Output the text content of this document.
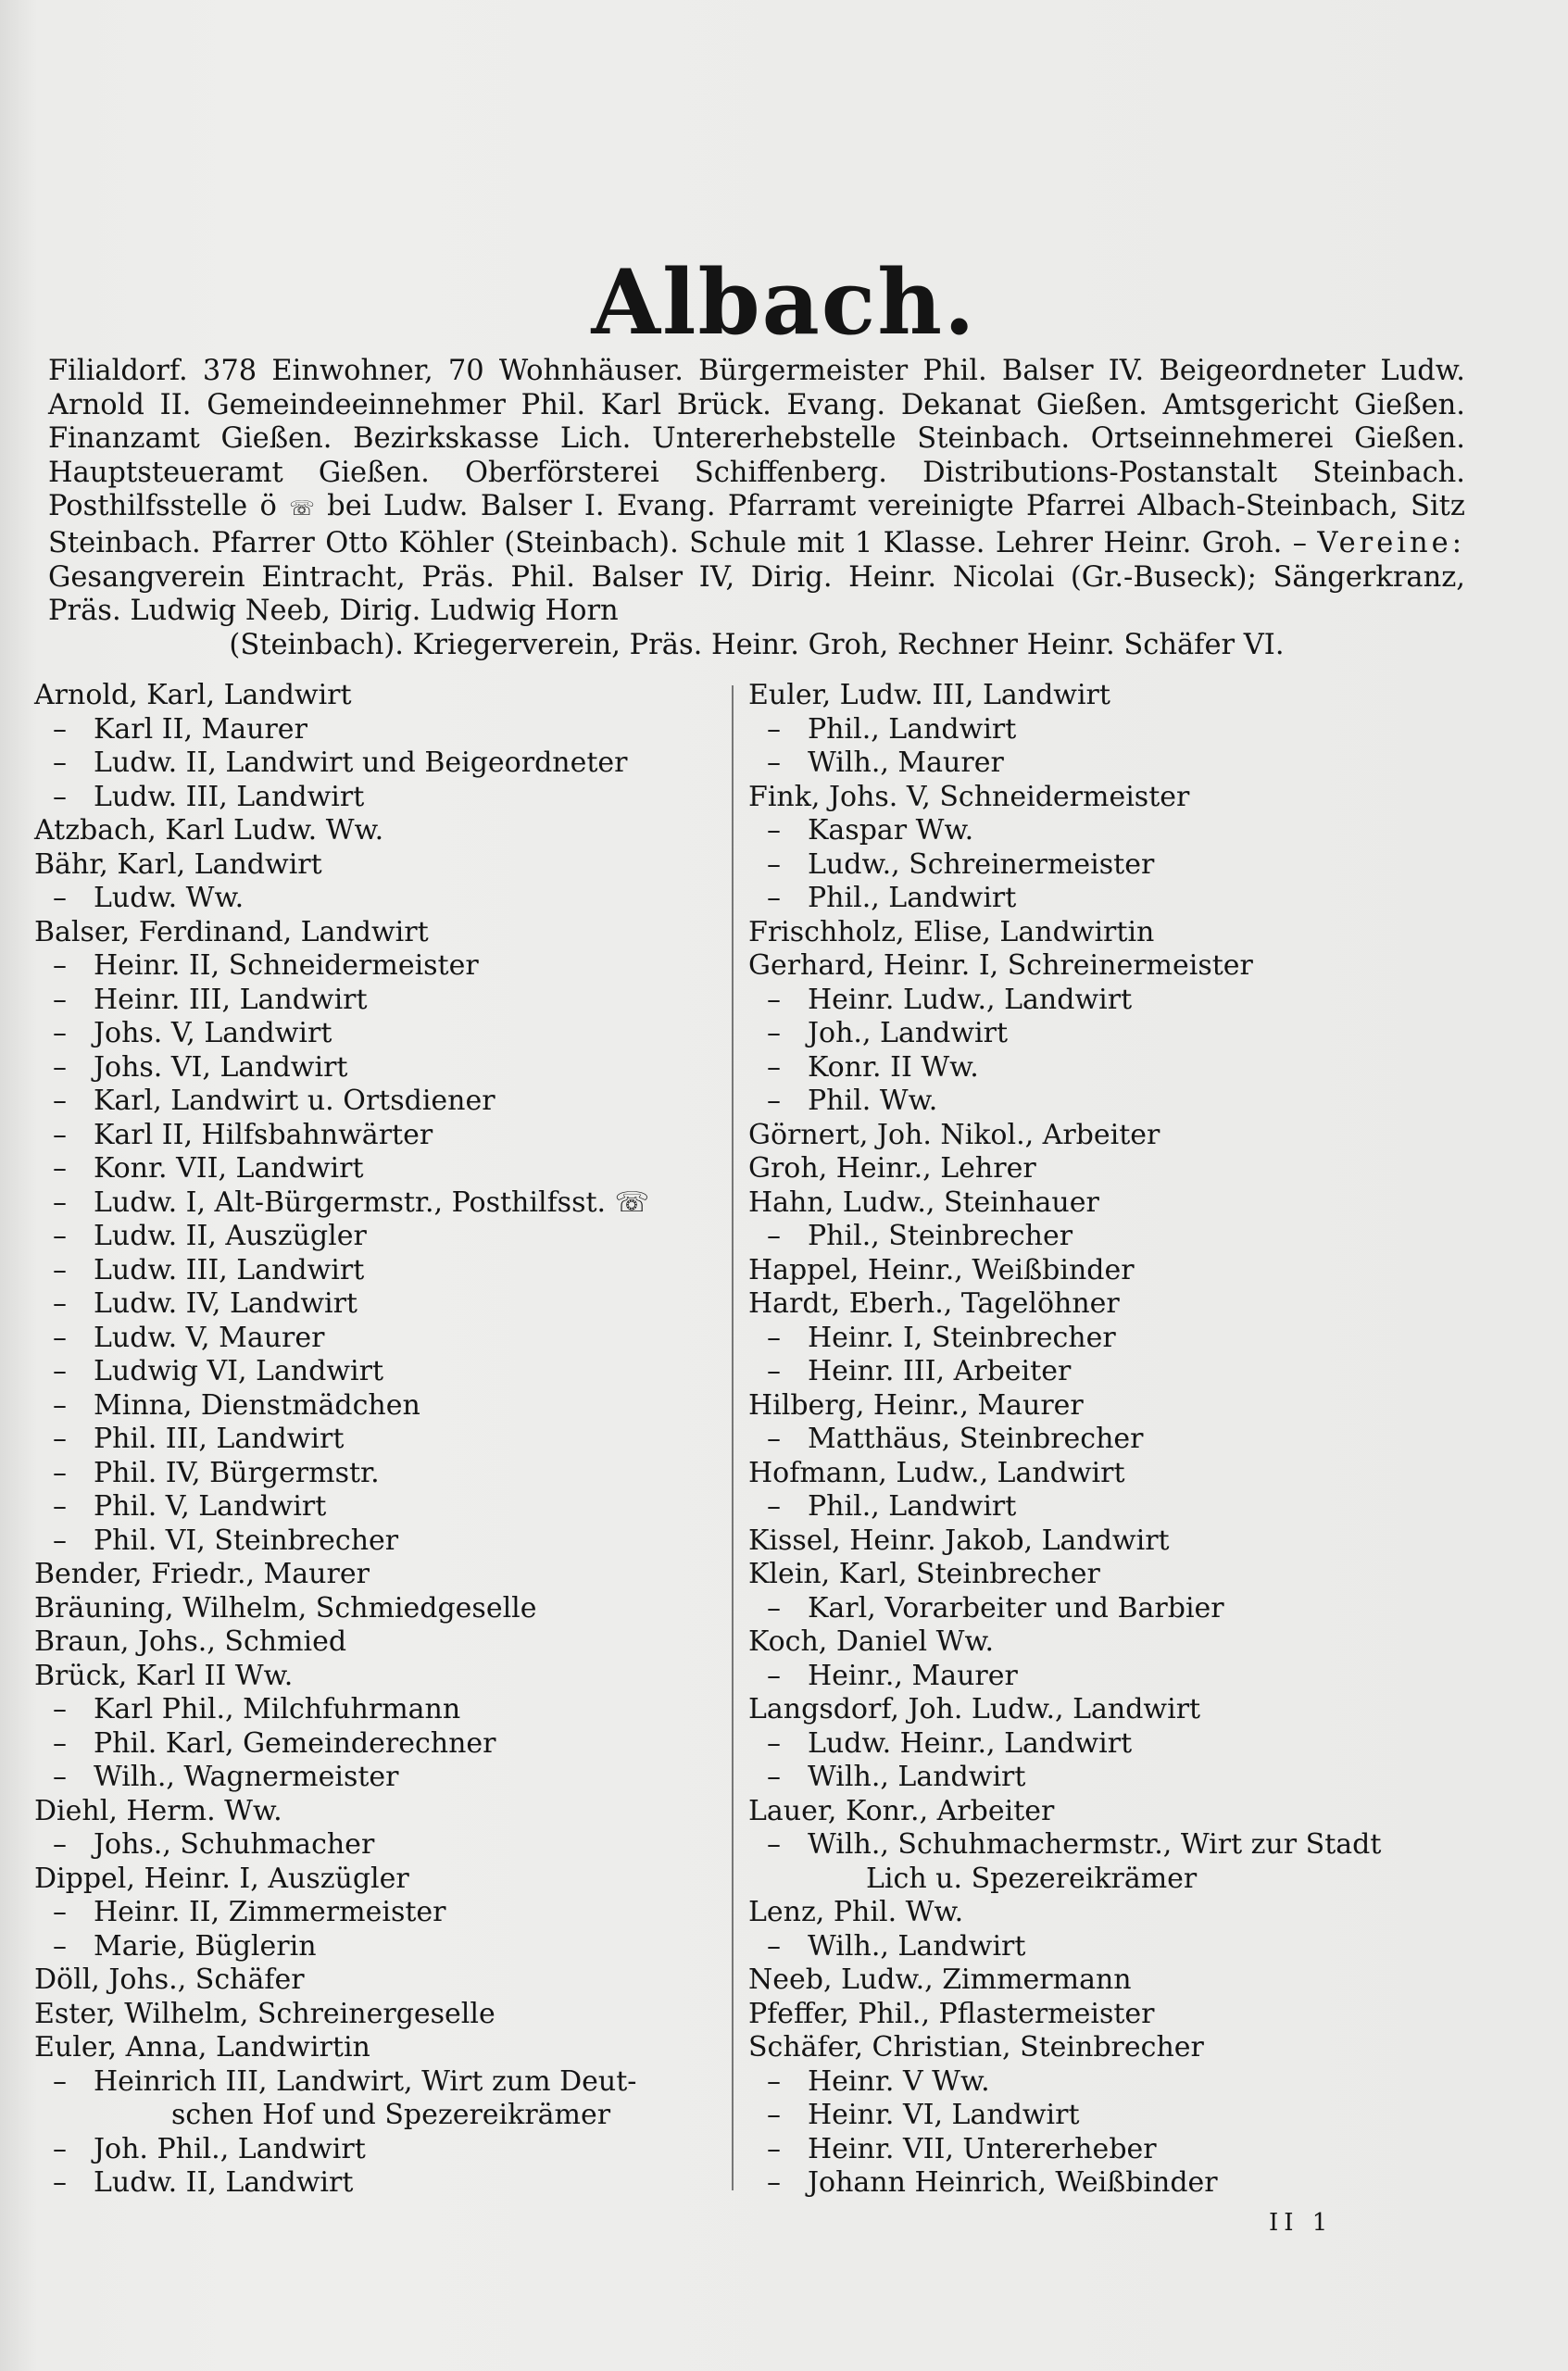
Albach.

Filialdorf. 378 Einwohner, 70 Wohnhäuser. Bürgermeister Phil. Balser IV. Beigeordneter Ludw. Arnold II. Gemeindeeinnehmer Phil. Karl Brück. Evang. Dekanat Gießen. Amtsgericht Gießen. Finanzamt Gießen. Bezirkskasse Lich. Untererhebstelle Steinbach. Ortseinnehmerei Gießen. Hauptsteueramt Gießen. Oberförsterei Schiffenberg. Distributions-Postanstalt Steinbach. Posthilfsstelle ö ☏ bei Ludw. Balser I. Evang. Pfarramt vereinigte Pfarrei Albach-Steinbach, Sitz Steinbach. Pfarrer Otto Köhler (Steinbach). Schule mit 1 Klasse. Lehrer Heinr. Groh. – Vereine: Gesangverein Eintracht, Präs. Phil. Balser IV, Dirig. Heinr. Nicolai (Gr.-Buseck); Sängerkranz, Präs. Ludwig Neeb, Dirig. Ludwig Horn

(Steinbach). Kriegerverein, Präs. Heinr. Groh, Rechner Heinr. Schäfer VI.

Arnold, Karl, Landwirt
– Karl II, Maurer
– Ludw. II, Landwirt und Beigeordneter
– Ludw. III, Landwirt
Atzbach, Karl Ludw. Ww.
Bähr, Karl, Landwirt
– Ludw. Ww.
Balser, Ferdinand, Landwirt
– Heinr. II, Schneidermeister
– Heinr. III, Landwirt
– Johs. V, Landwirt
– Johs. VI, Landwirt
– Karl, Landwirt u. Ortsdiener
– Karl II, Hilfsbahnwärter
– Konr. VII, Landwirt
– Ludw. I, Alt-Bürgermstr., Posthilfsst. ☏
– Ludw. II, Auszügler
– Ludw. III, Landwirt
– Ludw. IV, Landwirt
– Ludw. V, Maurer
– Ludwig VI, Landwirt
– Minna, Dienstmädchen
– Phil. III, Landwirt
– Phil. IV, Bürgermstr.
– Phil. V, Landwirt
– Phil. VI, Steinbrecher
Bender, Friedr., Maurer
Bräuning, Wilhelm, Schmiedgeselle
Braun, Johs., Schmied
Brück, Karl II Ww.
– Karl Phil., Milchfuhrmann
– Phil. Karl, Gemeinderechner
– Wilh., Wagnermeister
Diehl, Herm. Ww.
– Johs., Schuhmacher
Dippel, Heinr. I, Auszügler
– Heinr. II, Zimmermeister
– Marie, Büglerin
Döll, Johs., Schäfer
Ester, Wilhelm, Schreinergeselle
Euler, Anna, Landwirtin
– Heinrich III, Landwirt, Wirt zum Deut-
schen Hof und Spezereikrämer
– Joh. Phil., Landwirt
– Ludw. II, Landwirt
Euler, Ludw. III, Landwirt
– Phil., Landwirt
– Wilh., Maurer
Fink, Johs. V, Schneidermeister
– Kaspar Ww.
– Ludw., Schreinermeister
– Phil., Landwirt
Frischholz, Elise, Landwirtin
Gerhard, Heinr. I, Schreinermeister
– Heinr. Ludw., Landwirt
– Joh., Landwirt
– Konr. II Ww.
– Phil. Ww.
Görnert, Joh. Nikol., Arbeiter
Groh, Heinr., Lehrer
Hahn, Ludw., Steinhauer
– Phil., Steinbrecher
Happel, Heinr., Weißbinder
Hardt, Eberh., Tagelöhner
– Heinr. I, Steinbrecher
– Heinr. III, Arbeiter
Hilberg, Heinr., Maurer
– Matthäus, Steinbrecher
Hofmann, Ludw., Landwirt
– Phil., Landwirt
Kissel, Heinr. Jakob, Landwirt
Klein, Karl, Steinbrecher
– Karl, Vorarbeiter und Barbier
Koch, Daniel Ww.
– Heinr., Maurer
Langsdorf, Joh. Ludw., Landwirt
– Ludw. Heinr., Landwirt
– Wilh., Landwirt
Lauer, Konr., Arbeiter
– Wilh., Schuhmachermstr., Wirt zur Stadt
Lich u. Spezereikrämer
Lenz, Phil. Ww.
– Wilh., Landwirt
Neeb, Ludw., Zimmermann
Pfeffer, Phil., Pflastermeister
Schäfer, Christian, Steinbrecher
– Heinr. V Ww.
– Heinr. VI, Landwirt
– Heinr. VII, Untererheber
– Johann Heinrich, Weißbinder
II 1
